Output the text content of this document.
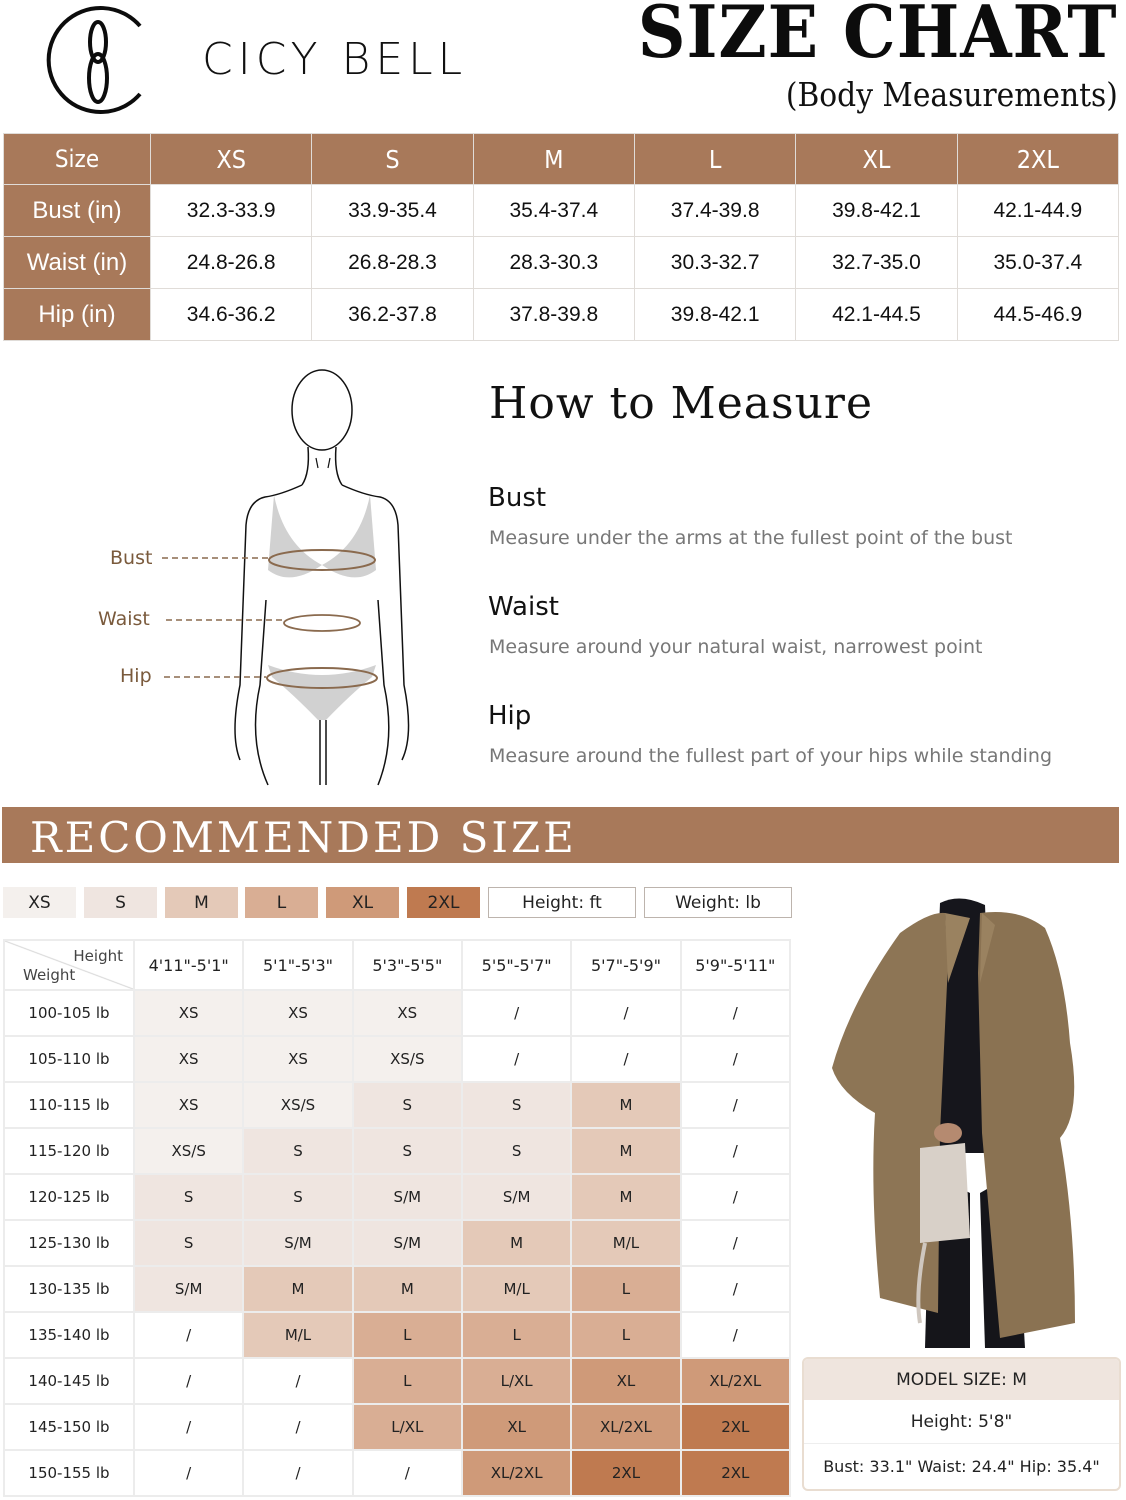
CICY BELL SIZE CHART
(Body Measurements)
Size	XS	S	M	L	XL	2XL
Bust (in)	32.3-33.9	33.9-35.4	35.4-37.4	37.4-39.8	39.8-42.1	42.1-44.9
Waist (in)	24.8-26.8	26.8-28.3	28.3-30.3	30.3-32.7	32.7-35.0	35.0-37.4
Hip (in)	34.6-36.2	36.2-37.8	37.8-39.8	39.8-42.1	42.1-44.5	44.5-46.9
Bust
Waist
Hip
How to Measure
Bust
Measure under the arms at the fullest point of the bust
Waist
Measure around your natural waist, narrowest point
Hip
Measure around the fullest part of your hips while standing
RECOMMENDED SIZE
XS	S	M	L	XL	2XL	Height: ft	Weight: lb
Height
Weight	4'11"-5'1"	5'1"-5'3"	5'3"-5'5"	5'5"-5'7"	5'7"-5'9"	5'9"-5'11"
100-105 lb	XS	XS	XS	/	/	/
105-110 lb	XS	XS	XS/S	/	/	/
110-115 lb	XS	XS/S	S	S	M	/
115-120 lb	XS/S	S	S	S	M	/
120-125 lb	S	S	S/M	S/M	M	/
125-130 lb	S	S/M	S/M	M	M/L	/
130-135 lb	S/M	M	M	M/L	L	/
135-140 lb	/	M/L	L	L	L	/
140-145 lb	/	/	L	L/XL	XL	XL/2XL
145-150 lb	/	/	L/XL	XL	XL/2XL	2XL
150-155 lb	/	/	/	XL/2XL	2XL	2XL
MODEL SIZE: M
Height: 5'8"
Bust: 33.1" Waist: 24.4" Hip: 35.4"
